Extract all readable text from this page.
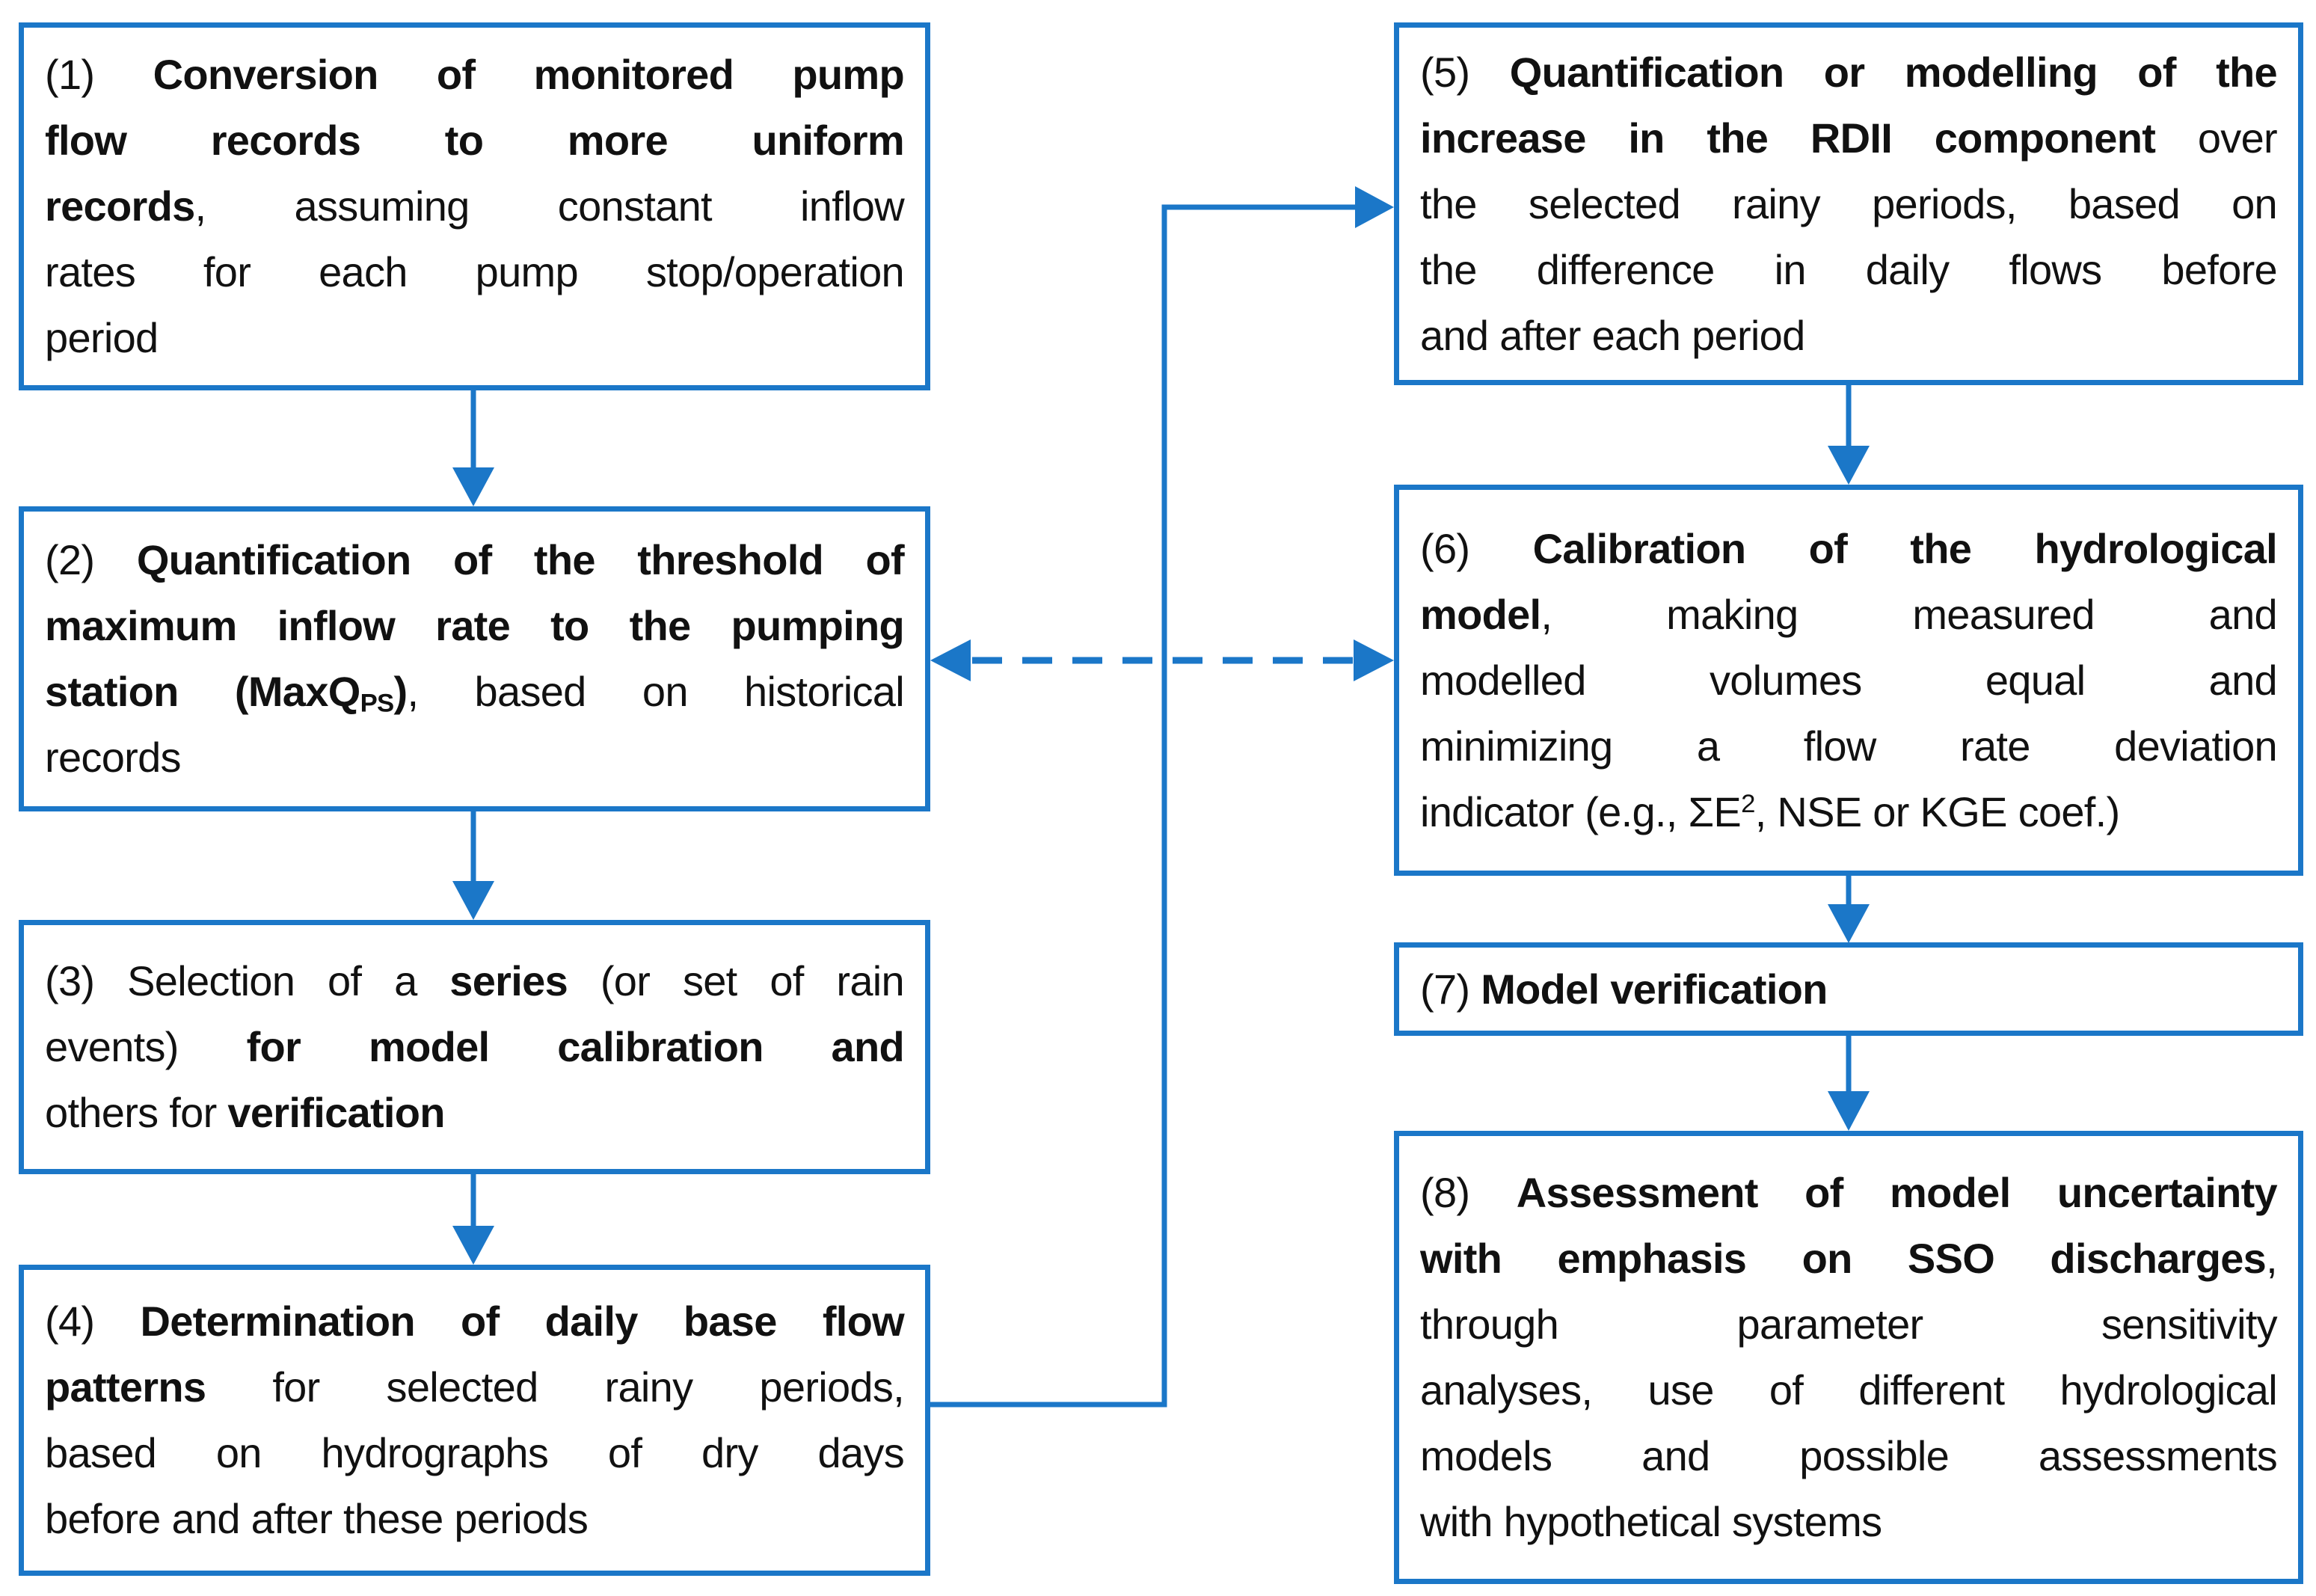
(1) Conversion of monitored pump
flow records to more uniform
records, assuming constant inflow
rates for each pump stop/operation
period
(2) Quantification of the threshold of
maximum inflow rate to the pumping
station (MaxQ$_{PS}$), based on historical
records
(3) Selection of a series (or set of rain
events) for model calibration and
others for verification
(4) Determination of daily base flow
patterns for selected rainy periods,
based on hydrographs of dry days
before and after these periods
(5) Quantification or modelling of the
increase in the RDII component over
the selected rainy periods, based on
the difference in daily flows before
and after each period
(6) Calibration of the hydrological
model, making measured and
modelled volumes equal and
minimizing a flow rate deviation
indicator (e.g., $\Sigma E^2$, NSE or KGE coef.)
(7) Model verification
(8) Assessment of model uncertainty
with emphasis on SSO discharges,
through parameter sensitivity
analyses, use of different hydrological
models and possible assessments
with hypothetical systems
